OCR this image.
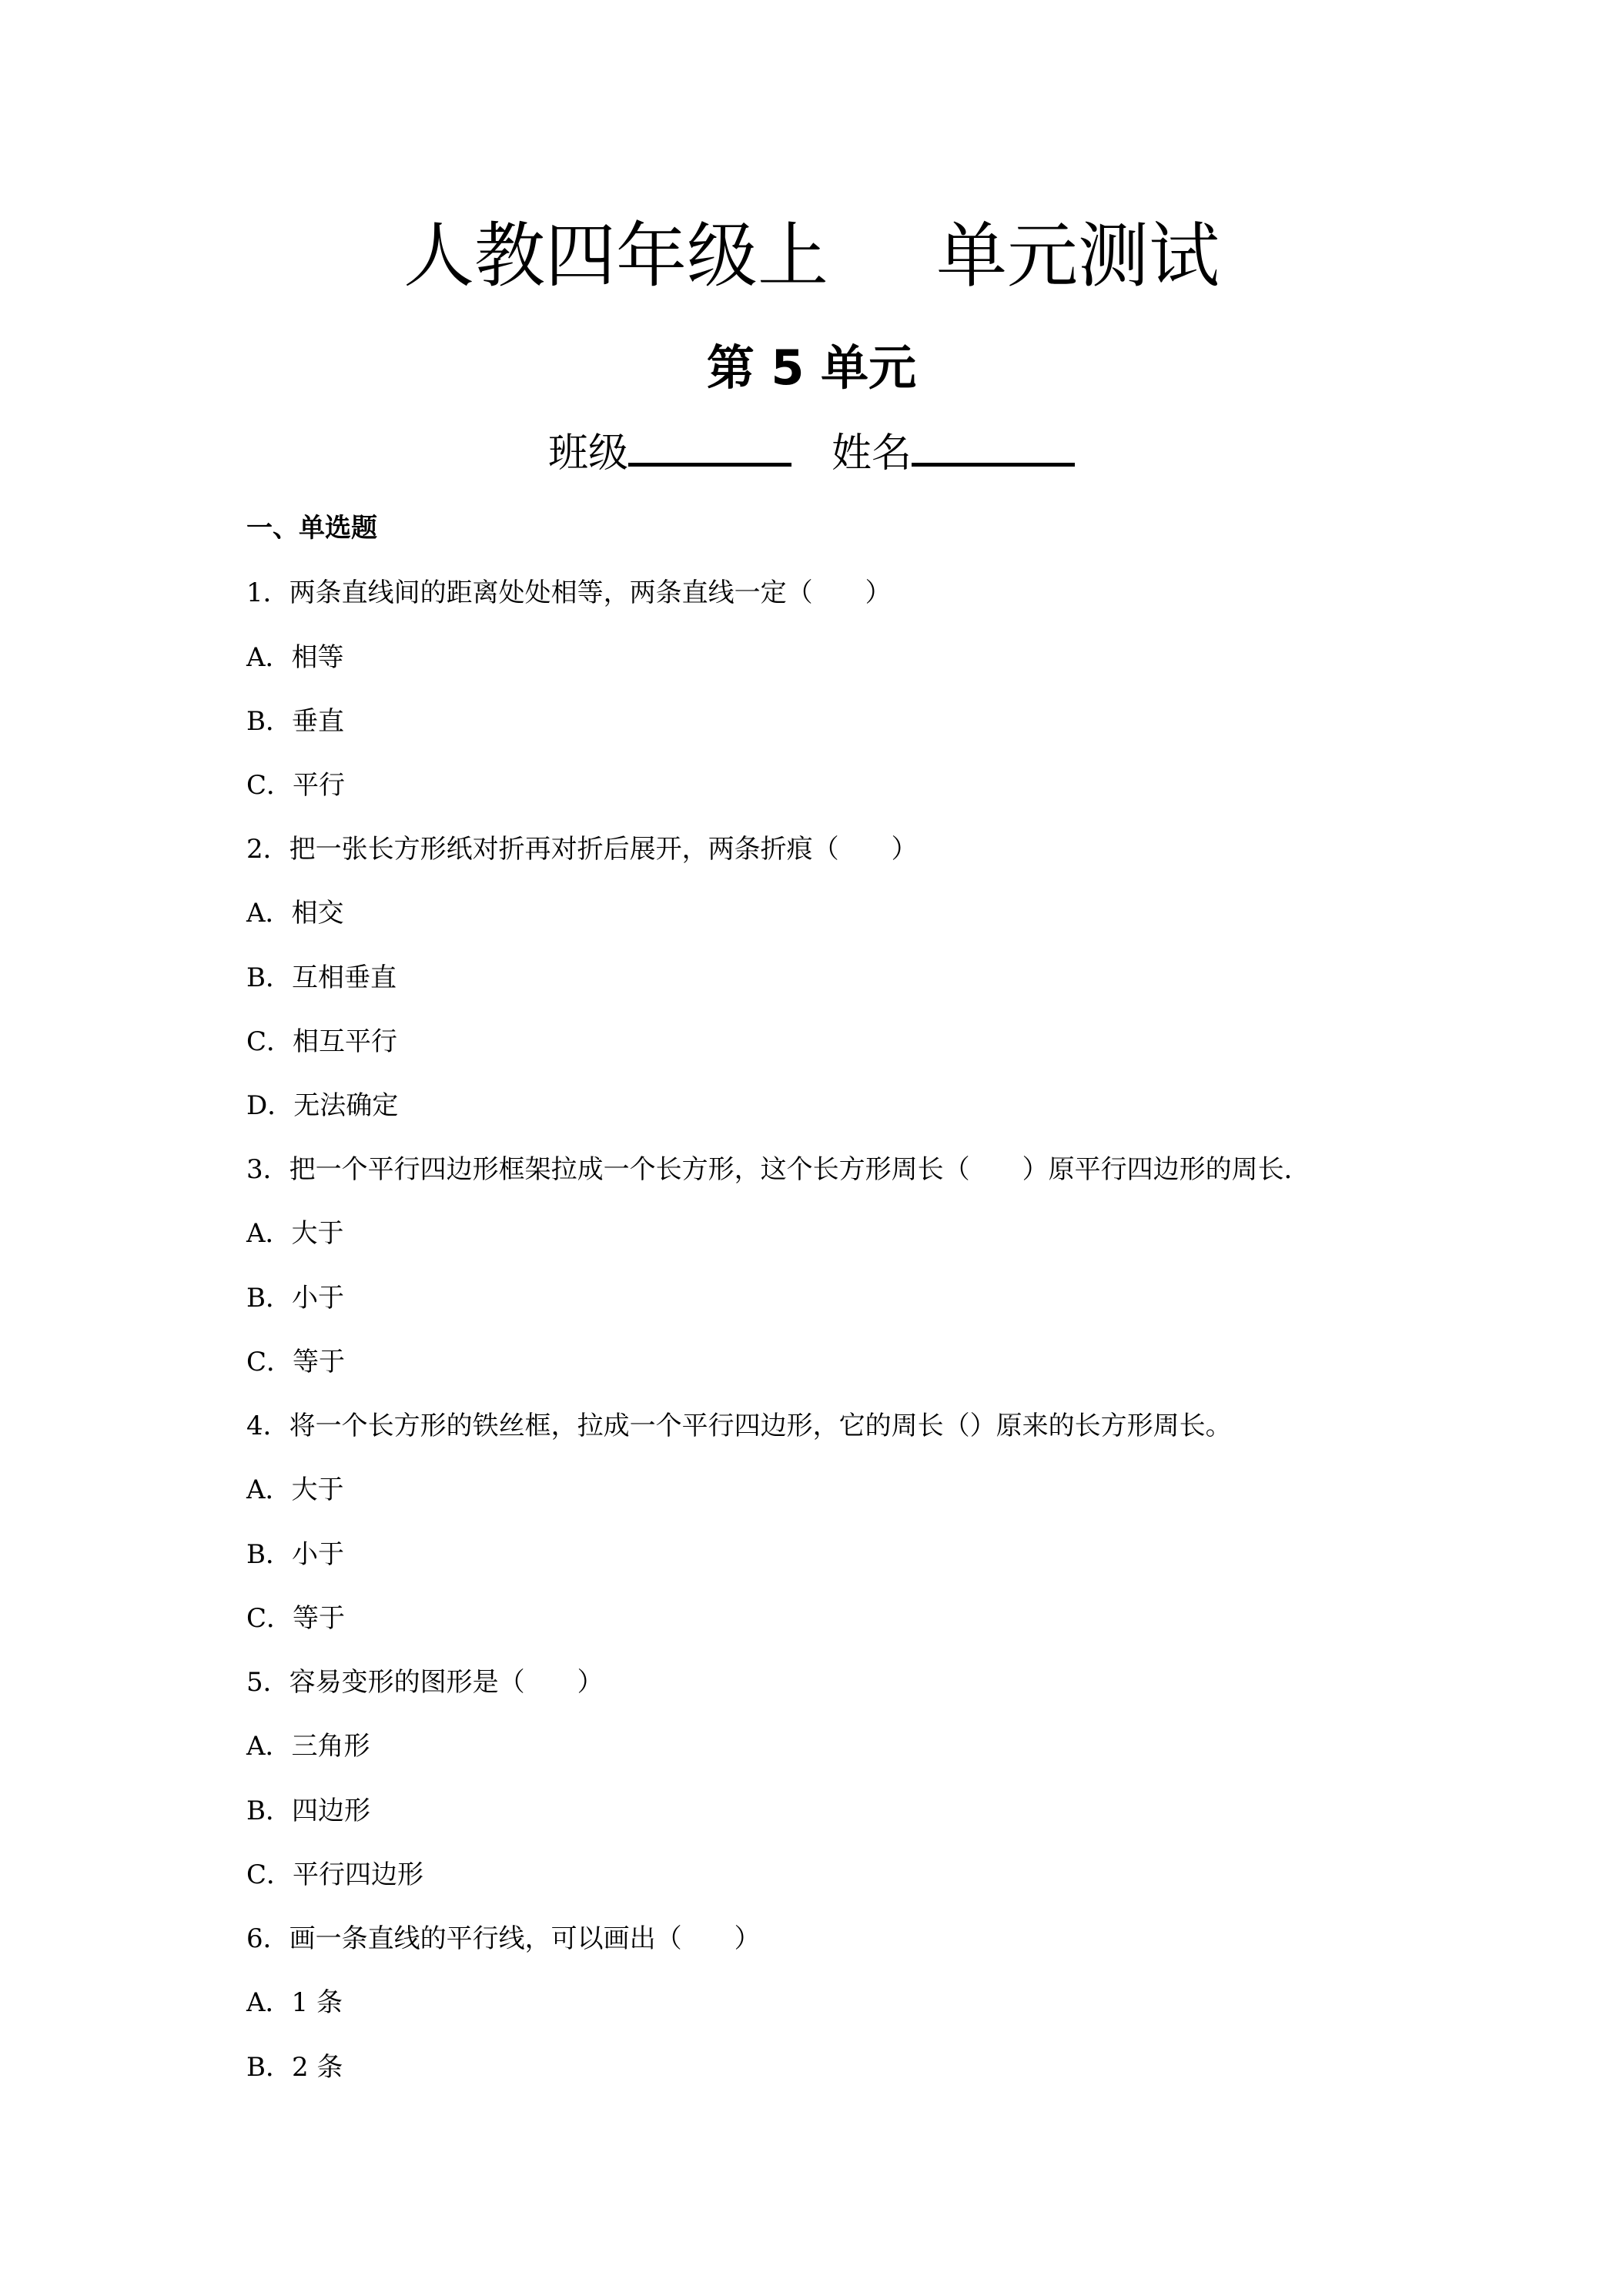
人教四年级上 单元测试
第 5 单元
班级	姓名
一、单选题
1．两条直线间的距离处处相等，两条直线一定（　　）
A．相等
B．垂直
C．平行
2．把一张长方形纸对折再对折后展开，两条折痕（　　）
A．相交
B．互相垂直
C．相互平行
D．无法确定
3．把一个平行四边形框架拉成一个长方形，这个长方形周长（　　）原平行四边形的周长．
A．大于
B．小于
C．等于
4．将一个长方形的铁丝框，拉成一个平行四边形，它的周长（）原来的长方形周长。
A．大于
B．小于
C．等于
5．容易变形的图形是（　　）
A．三角形
B．四边形
C．平行四边形
6．画一条直线的平行线，可以画出（　　）
A．1 条
B．2 条
